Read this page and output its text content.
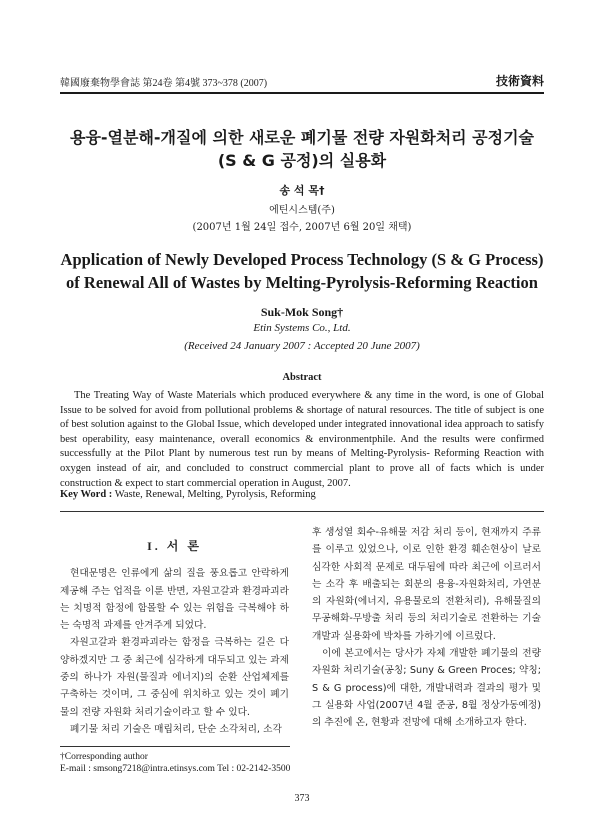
韓國廢棄物學會誌 第24卷 第4號 373~378 (2007)	技術資料
용융-열분해-개질에 의한 새로운 폐기물 전량 자원화처리 공정기술
(S & G 공정)의 실용화
송 석 목†
에틴시스템(주)
(2007년 1월 24일 접수, 2007년 6월 20일 채택)
Application of Newly Developed Process Technology (S & G Process)
of Renewal All of Wastes by Melting-Pyrolysis-Reforming Reaction
Suk-Mok Song†
Etin Systems Co., Ltd.
(Received 24 January 2007 : Accepted 20 June 2007)
Abstract
The Treating Way of Waste Materials which produced everywhere & any time in the word, is one of Global Issue to be solved for avoid from pollutional problems & shortage of natural resources. The title of subject is one of best solution against to the Global Issue, which developed under integrated innovational idea approach to satisfy best operability, easy maintenance, overall economics & environmentphile. And the results were confirmed successfully at the Pilot Plant by numerous test run by means of Melting-Pyrolysis- Reforming Reaction with oxygen instead of air, and concluded to construct commercial plant to prove all of facts which is under construction & expect to start commercial operation in August, 2007.
Key Word : Waste, Renewal, Melting, Pyrolysis, Reforming
I. 서 론

현대문명은 인류에게 삶의 질을 풍요롭고 안락하게 제공해 주는 업적을 이룬 반면, 자원고갈과 환경파괴라는 치명적 함정에 함몰할 수 있는 위험을 극복해야 하는 숙명적 과제를 안겨주게 되었다.

자원고갈과 환경파괴라는 함정을 극복하는 길은 다양하겠지만 그 중 최근에 심각하게 대두되고 있는 과제 중의 하나가 자원(물질과 에너지)의 순환 산업체제를 구축하는 것이며, 그 중심에 위치하고 있는 것이 폐기물의 전량 자원화 처리기술이라고 할 수 있다.

폐기물 처리 기술은 매립처리, 단순 소각처리, 소각

후 생성열 회수-유해물 저감 처리 등이, 현재까지 주류를 이루고 있었으나, 이로 인한 환경 훼손현상이 날로 심각한 사회적 문제로 대두됨에 따라 최근에 이르러서는 소각 후 배출되는 회분의 용융-자원화처리, 가연분의 자원화(에너지, 유용물로의 전환처리), 유해물질의 무공해화-무방출 처리 등의 처리기술로 전환하는 기술 개발과 실용화에 박차를 가하기에 이르렀다.

이에 본고에서는 당사가 자체 개발한 폐기물의 전량 자원화 처리기술(공칭; Suny & Green Proces; 약칭; S & G process)에 대한, 개발내력과 결과의 평가 및 그 실용화 사업(2007년 4월 준공, 8월 정상가동예정)의 추진에 온, 현황과 전망에 대해 소개하고자 한다.

†Corresponding author
E-mail : smsong7218@intra.etinsys.com Tel : 02-2142-3500
373
